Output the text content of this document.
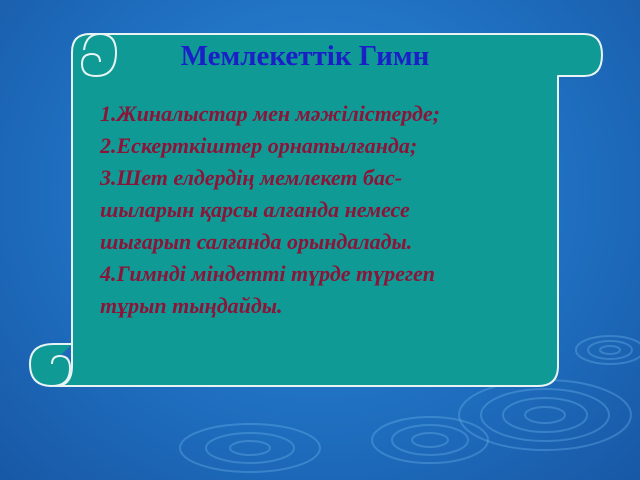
Мемлекеттік Гимн
1.Жиналыстар мен мәжілістерде;
2.Ескерткіштер орнатылғанда;
3.Шет елдердің мемлекет бас-
шыларын қарсы алғанда немесе
шығарып салғанда орындалады.
4.Гимнді міндетті түрде түрегеп
тұрып тыңдайды.
